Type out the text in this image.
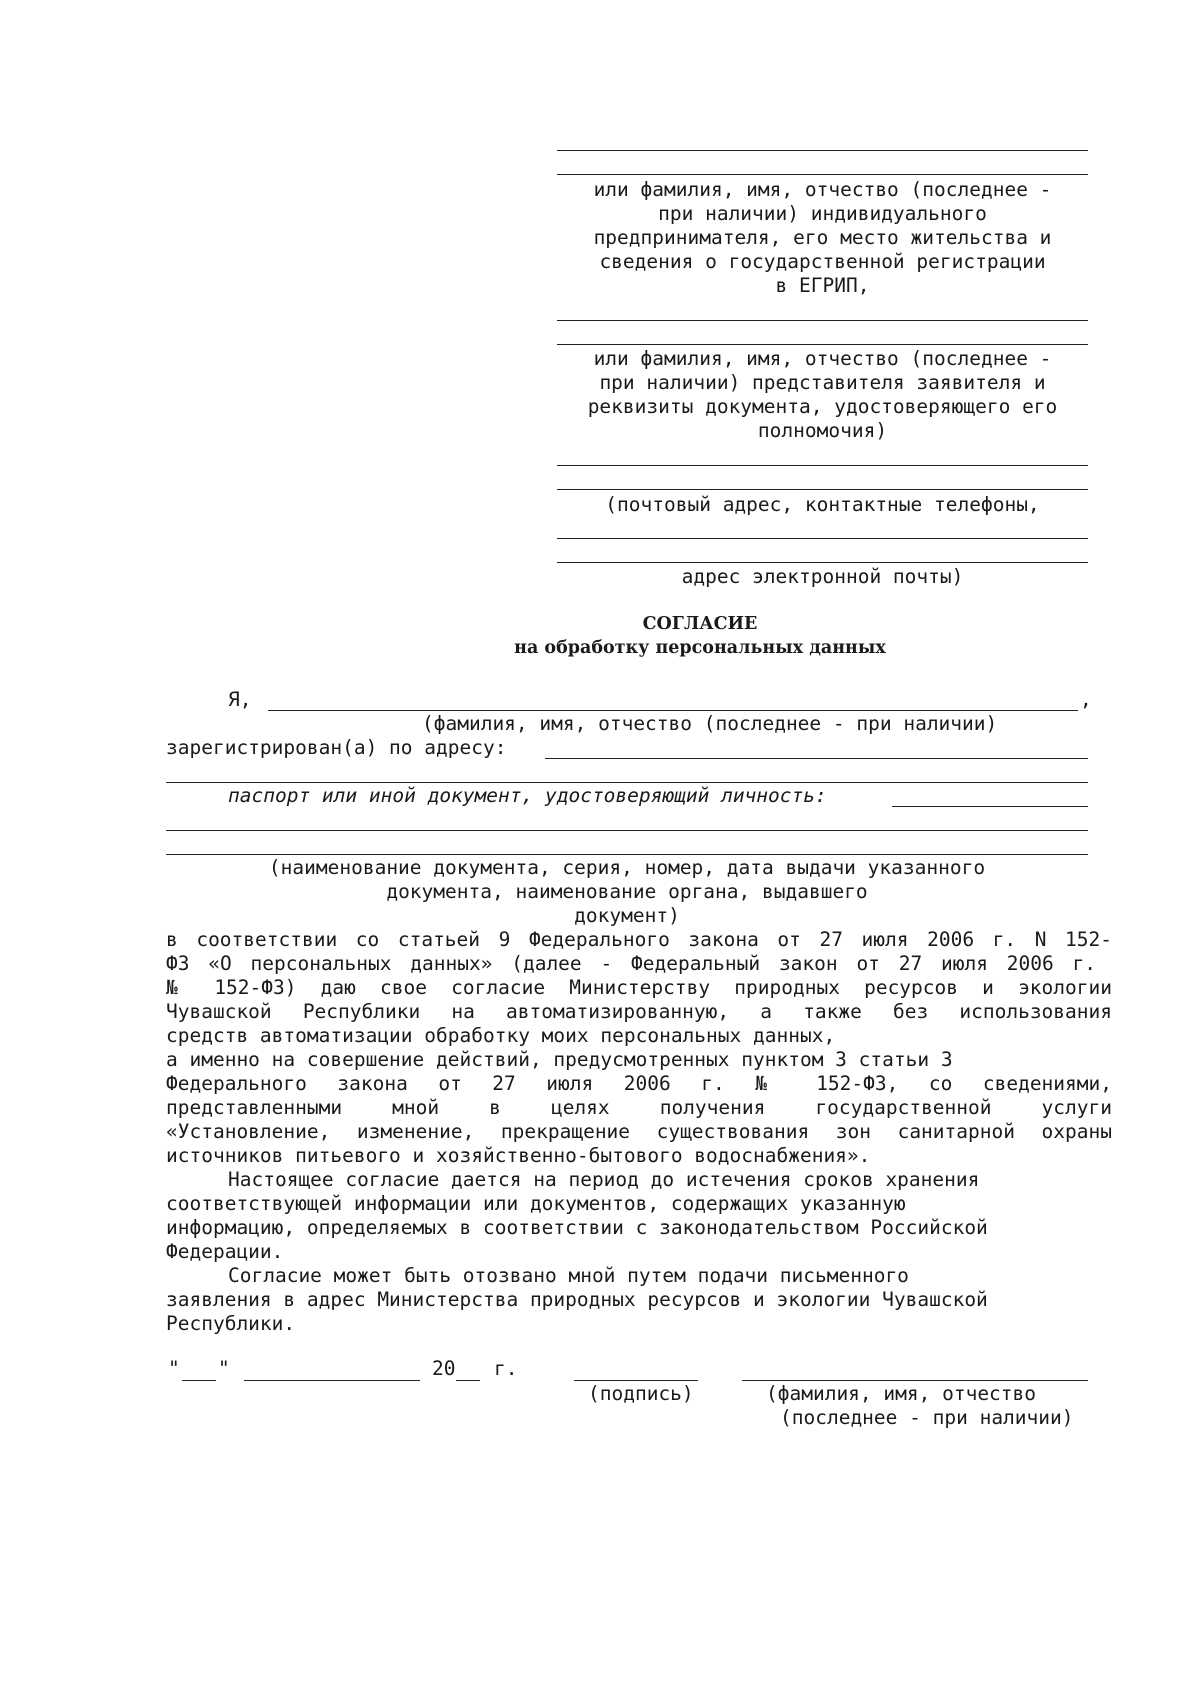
или фамилия, имя, отчество (последнее -
при наличии) индивидуального
предпринимателя, его место жительства и
сведения о государственной регистрации
в ЕГРИП,
или фамилия, имя, отчество (последнее -
при наличии) представителя заявителя и
реквизиты документа, удостоверяющего его
полномочия)
(почтовый адрес, контактные телефоны,
адрес электронной почты)
СОГЛАСИЕ
на обработку персональных данных
Я,	,
(фамилия, имя, отчество (последнее - при наличии)
зарегистрирован(а) по адресу:
паспорт или иной документ, удостоверяющий личность:
(наименование документа, серия, номер, дата выдачи указанного
документа, наименование органа, выдавшего
документ)
в соответствии со статьей 9 Федерального закона от 27 июля 2006 г. N 152-
ФЗ «О персональных данных» (далее - Федеральный закон от 27 июля 2006 г.
№ 152-ФЗ) даю свое согласие Министерству природных ресурсов и экологии
Чувашской Республики на автоматизированную, а также без использования
средств автоматизации обработку моих персональных данных,
а именно на совершение действий, предусмотренных пунктом 3 статьи 3
Федерального закона от 27 июля 2006 г. № 152-ФЗ, со сведениями,
представленными мной в целях получения государственной услуги
«Установление, изменение, прекращение существования зон санитарной охраны
источников питьевого и хозяйственно-бытового водоснабжения».
Настоящее согласие дается на период до истечения сроков хранения
соответствующей информации или документов, содержащих указанную
информацию, определяемых в соответствии с законодательством Российской
Федерации.
Согласие может быть отозвано мной путем подачи письменного
заявления в адрес Министерства природных ресурсов и экологии Чувашской
Республики.
" "	20 г.
(подпись)	(фамилия, имя, отчество
(последнее - при наличии)
